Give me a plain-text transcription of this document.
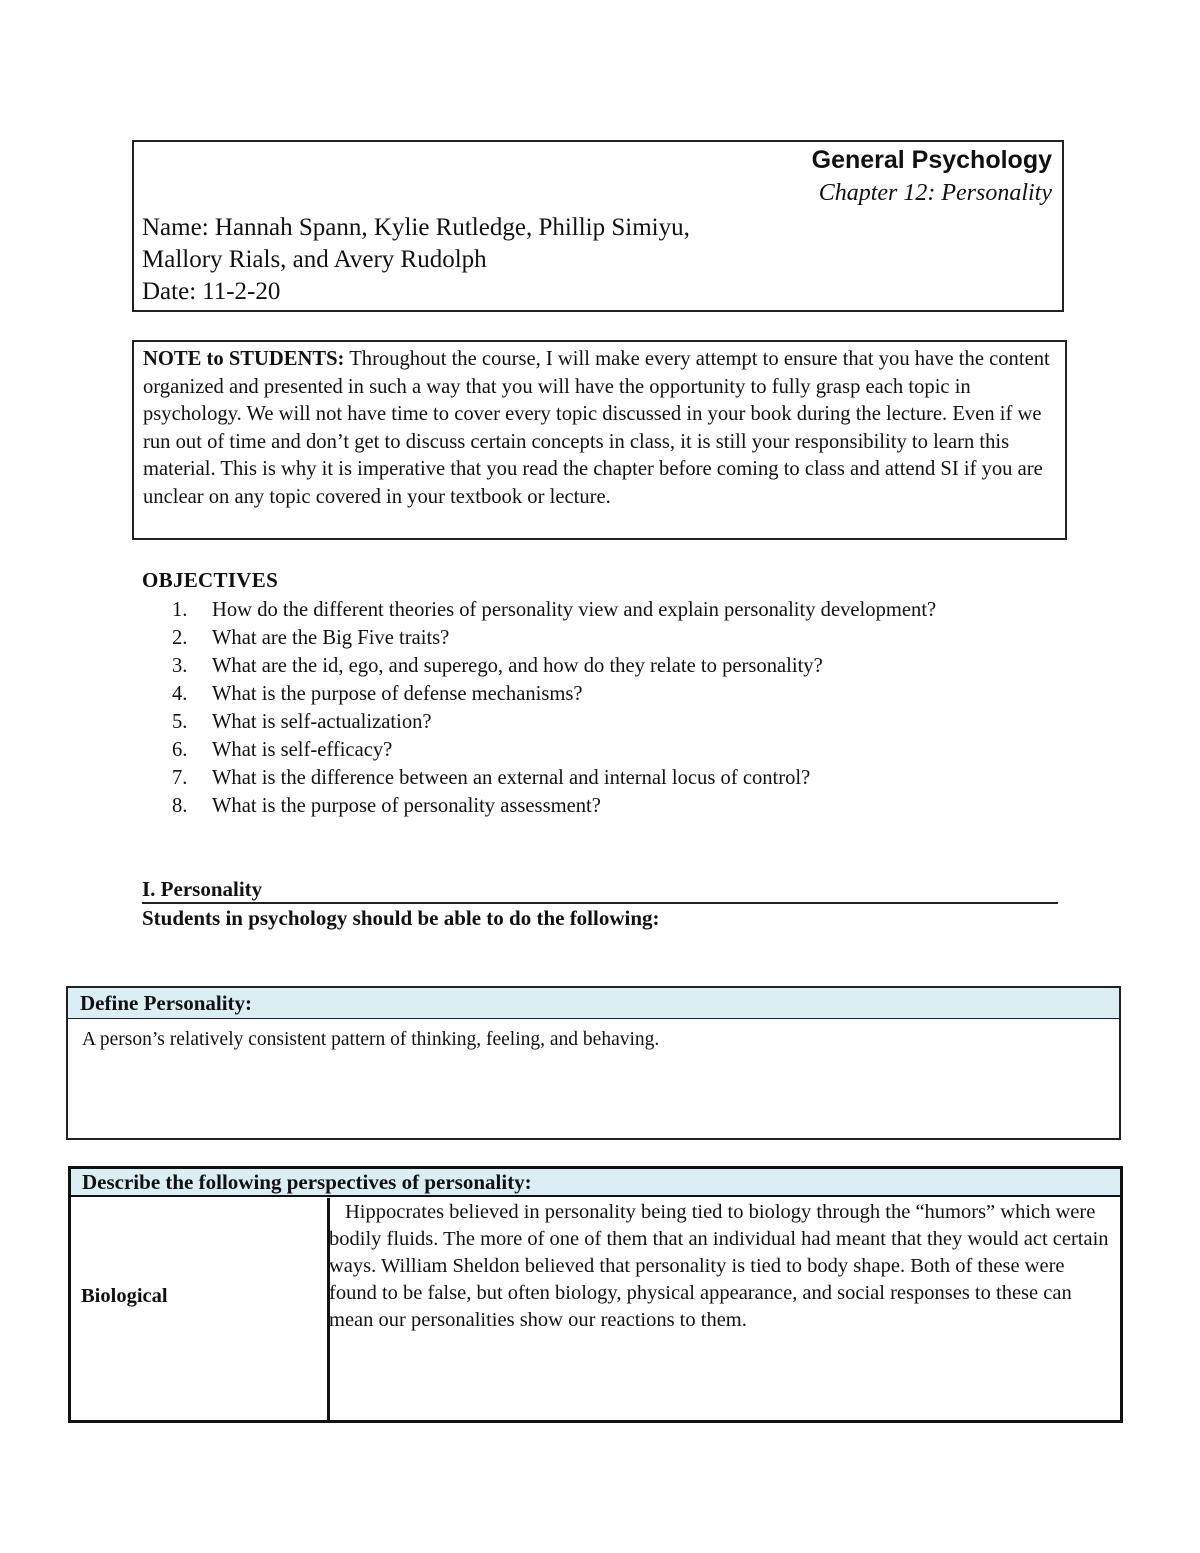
General Psychology
Chapter 12: Personality
Name: Hannah Spann, Kylie Rutledge, Phillip Simiyu, Mallory Rials, and Avery Rudolph
Date: 11-2-20
NOTE to STUDENTS: Throughout the course, I will make every attempt to ensure that you have the content organized and presented in such a way that you will have the opportunity to fully grasp each topic in psychology. We will not have time to cover every topic discussed in your book during the lecture. Even if we run out of time and don’t get to discuss certain concepts in class, it is still your responsibility to learn this material. This is why it is imperative that you read the chapter before coming to class and attend SI if you are unclear on any topic covered in your textbook or lecture.
OBJECTIVES
1. How do the different theories of personality view and explain personality development?
2. What are the Big Five traits?
3. What are the id, ego, and superego, and how do they relate to personality?
4. What is the purpose of defense mechanisms?
5. What is self-actualization?
6. What is self-efficacy?
7. What is the difference between an external and internal locus of control?
8. What is the purpose of personality assessment?
I. Personality
Students in psychology should be able to do the following:
Define Personality:
A person’s relatively consistent pattern of thinking, feeling, and behaving.
Describe the following perspectives of personality:
Biological

Hippocrates believed in personality being tied to biology through the “humors” which were bodily fluids. The more of one of them that an individual had meant that they would act certain ways. William Sheldon believed that personality is tied to body shape. Both of these were found to be false, but often biology, physical appearance, and social responses to these can mean our personalities show our reactions to them.
